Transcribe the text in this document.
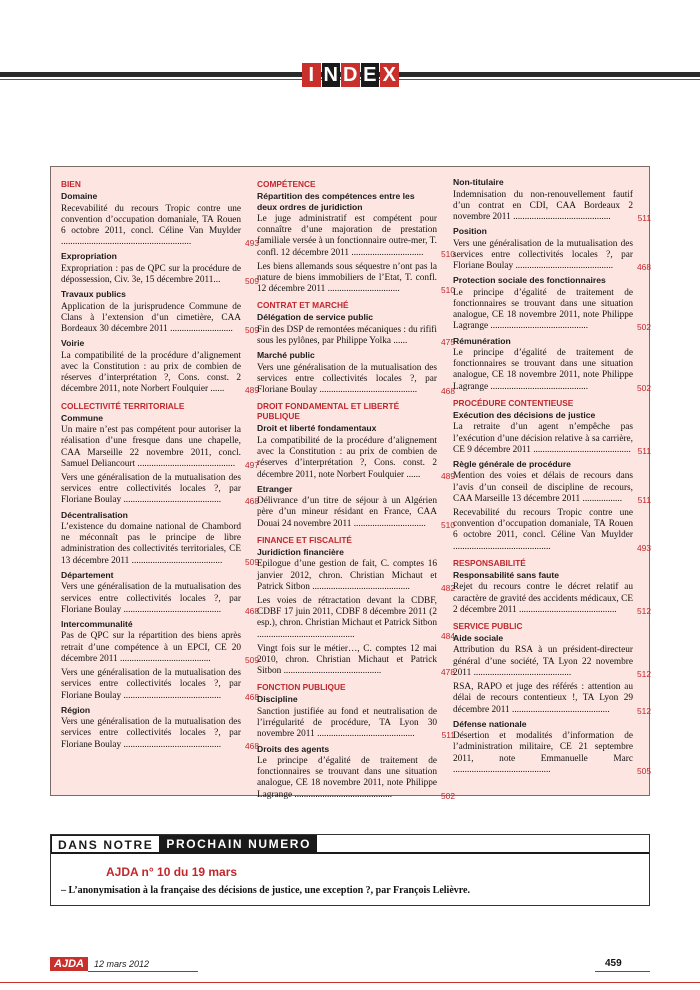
I N D E X
BIEN
Domaine
Recevabilité du recours Tropic contre une convention d’occupation domaniale, TA Rouen 6 octobre 2011, concl. Céline Van Muylder ........................................................	493
Expropriation
Expropriation : pas de QPC sur la procédure de dépossession, Civ. 3e, 15 décembre 2011...	509
Travaux publics
Application de la jurisprudence Commune de Clans à l’extension d’un cimetière, CAA Bordeaux 30 décembre 2011 ........................... 509
Voirie
La compatibilité de la procédure d’alignement avec la Constitution : au prix de combien de réserves d’interprétation ?, Cons. const. 2 décembre 2011, note Norbert Foulquier ...... 489
COLLECTIVITÉ TERRITORIALE
Commune
Un maire n’est pas compétent pour autoriser la réalisation d’une fresque dans une chapelle, CAA Marseille 22 novembre 2011, concl. Samuel Deliancourt .......................................... 497
Vers une généralisation de la mutualisation des services entre collectivités locales ?, par Floriane Boulay ..........................................	468
Décentralisation
L’existence du domaine national de Chambord ne méconnaît pas le principe de libre administration des collectivités territoriales, CE 13 décembre 2011 .......................................	509
Département
Vers une généralisation de la mutualisation des services entre collectivités locales ?, par Floriane Boulay ..........................................	468
Intercommunalité
Pas de QPC sur la répartition des biens après retrait d’une compétence à un EPCI, CE 20 décembre 2011 .......................................	509
Vers une généralisation de la mutualisation des services entre collectivités locales ?, par Floriane Boulay ..........................................	468
Région
Vers une généralisation de la mutualisation des services entre collectivités locales ?, par Floriane Boulay ..........................................	468
COMPÉTENCE
Répartition des compétences entre les deux ordres de juridiction
Le juge administratif est compétent pour connaître d’une majoration de prestation familiale versée à un fonctionnaire outre-mer, T. confl. 12 décembre 2011 ............................... 510
Les biens allemands sous séquestre n’ont pas la nature de biens immobiliers de l’Etat, T. confl. 12 décembre 2011 ...............................	510
CONTRAT ET MARCHÉ
Délégation de service public
Fin des DSP de remontées mécaniques : du rififi sous les pylônes, par Philippe Yolka ......	475
Marché public
Vers une généralisation de la mutualisation des services entre collectivités locales ?, par Floriane Boulay ..........................................	468
DROIT FONDAMENTAL ET LIBERTÉ PUBLIQUE
Droit et liberté fondamentaux
La compatibilité de la procédure d’alignement avec la Constitution : au prix de combien de réserves d’interprétation ?, Cons. const. 2 décembre 2011, note Norbert Foulquier ...... 489
Etranger
Délivrance d’un titre de séjour à un Algérien père d’un mineur résidant en France, CAA Douai 24 novembre 2011 ............................... 510
FINANCE ET FISCALITÉ
Juridiction financière
Epilogue d’une gestion de fait, C. comptes 16 janvier 2012, chron. Christian Michaut et Patrick Sitbon ..........................................	482
Les voies de rétractation devant la CDBF, CDBF 17 juin 2011, CDBF 8 décembre 2011 (2 esp.), chron. Christian Michaut et Patrick Sitbon ..........................................	484
Vingt fois sur le métier…, C. comptes 12 mai 2010, chron. Christian Michaut et Patrick Sitbon ..........................................	478
FONCTION PUBLIQUE
Discipline
Sanction justifiée au fond et neutralisation de l’irrégularité de procédure, TA Lyon 30 novembre 2011 ..........................................	511
Droits des agents
Le principe d’égalité de traitement de fonctionnaires se trouvant dans une situation analogue, CE 18 novembre 2011, note Philippe Lagrange ..........................................	502
Non-titulaire
Indemnisation du non-renouvellement fautif d’un contrat en CDI, CAA Bordeaux 2 novembre 2011 ..........................................	511
Position
Vers une généralisation de la mutualisation des services entre collectivités locales ?, par Floriane Boulay ..........................................	468
Protection sociale des fonctionnaires
Le principe d’égalité de traitement de fonctionnaires se trouvant dans une situation analogue, CE 18 novembre 2011, note Philippe Lagrange ..........................................	502
Rémunération
Le principe d’égalité de traitement de fonctionnaires se trouvant dans une situation analogue, CE 18 novembre 2011, note Philippe Lagrange ..........................................	502
PROCÉDURE CONTENTIEUSE
Exécution des décisions de justice
La retraite d’un agent n’empêche pas l’exécution d’une décision relative à sa carrière, CE 9 décembre 2011 .......................................... 511
Règle générale de procédure
Mention des voies et délais de recours dans l’avis d’un conseil de discipline de recours, CAA Marseille 13 décembre 2011 ................. 511
Recevabilité du recours Tropic contre une convention d’occupation domaniale, TA Rouen 6 octobre 2011, concl. Céline Van Muylder ..........................................	493
RESPONSABILITÉ
Responsabilité sans faute
Rejet du recours contre le décret relatif au caractère de gravité des accidents médicaux, CE 2 décembre 2011 .......................................... 512
SERVICE PUBLIC
Aide sociale
Attribution du RSA à un président-directeur général d’une société, TA Lyon 22 novembre 2011 ..........................................	512
RSA, RAPO et juge des référés : attention au délai de recours contentieux !, TA Lyon 29 décembre 2011 ..........................................	512
Défense nationale
Désertion et modalités d’information de l’administration militaire, CE 21 septembre 2011, note Emmanuelle Marc ..........................................	505
DANS NOTRE	PROCHAIN NUMERO
AJDA n° 10 du 19 mars
– L’anonymisation à la française des décisions de justice, une exception ?, par François Lelièvre.
AJDA	12 mars 2012	459
